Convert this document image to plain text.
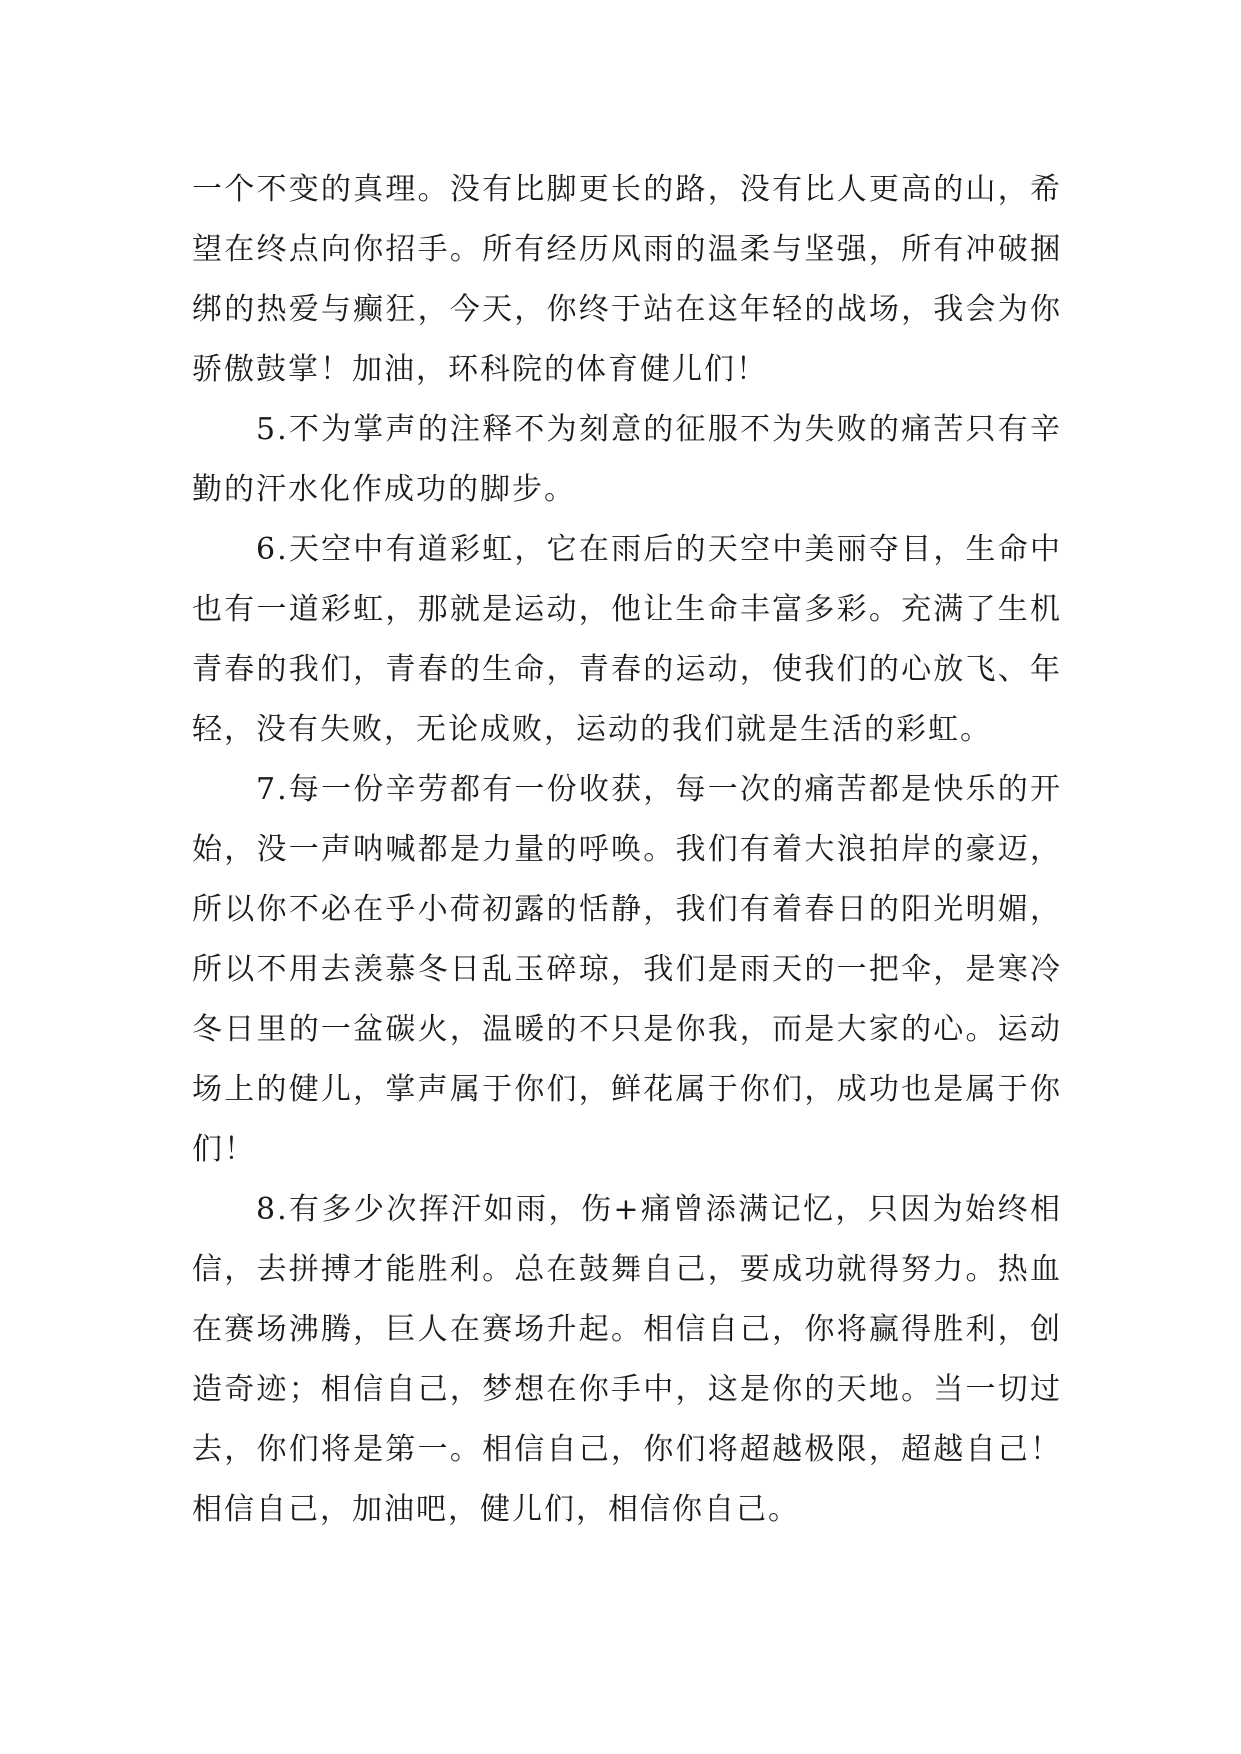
一个不变的真理。没有比脚更长的路，没有比人更高的山，希望在终点向你招手。所有经历风雨的温柔与坚强，所有冲破捆绑的热爱与癫狂，今天，你终于站在这年轻的战场，我会为你骄傲鼓掌！加油，环科院的体育健儿们！

5.不为掌声的注释不为刻意的征服不为失败的痛苦只有辛勤的汗水化作成功的脚步。

6.天空中有道彩虹，它在雨后的天空中美丽夺目，生命中也有一道彩虹，那就是运动，他让生命丰富多彩。充满了生机青春的我们，青春的生命，青春的运动，使我们的心放飞、年轻，没有失败，无论成败，运动的我们就是生活的彩虹。

7.每一份辛劳都有一份收获，每一次的痛苦都是快乐的开始，没一声呐喊都是力量的呼唤。我们有着大浪拍岸的豪迈，所以你不必在乎小荷初露的恬静，我们有着春日的阳光明媚，所以不用去羡慕冬日乱玉碎琼，我们是雨天的一把伞，是寒冷冬日里的一盆碳火，温暖的不只是你我，而是大家的心。运动场上的健儿，掌声属于你们，鲜花属于你们，成功也是属于你们！

8.有多少次挥汗如雨，伤+痛曾添满记忆，只因为始终相信，去拼搏才能胜利。总在鼓舞自己，要成功就得努力。热血在赛场沸腾，巨人在赛场升起。相信自己，你将赢得胜利，创造奇迹；相信自己，梦想在你手中，这是你的天地。当一切过去，你们将是第一。相信自己，你们将超越极限，超越自己！相信自己，加油吧，健儿们，相信你自己。
